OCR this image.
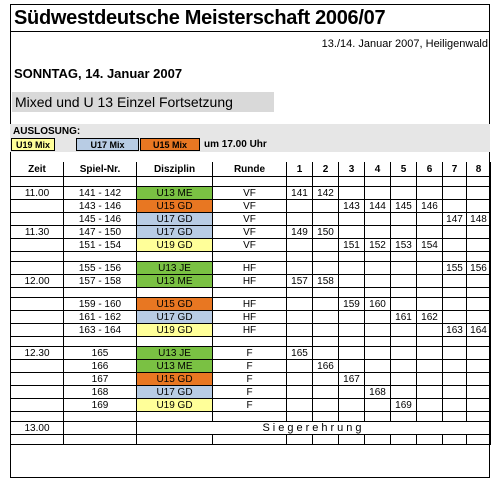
Südwestdeutsche Meisterschaft 2006/07
13./14. Januar 2007, Heiligenwald
SONNTAG, 14. Januar 2007
Mixed und U 13 Einzel Fortsetzung
AUSLOSUNG:
U19 Mix	U17 Mix	U15 Mix	um 17.00 Uhr
Zeit	Spiel-Nr.	Disziplin	Runde	1	2	3	4	5	6	7	8

11.00	141 - 142	U13 ME	VF	141	142						
	143 - 146	U15 GD	VF			143	144	145	146		
	145 - 146	U17 GD	VF							147	148
11.30	147 - 150	U17 GD	VF	149	150						
	151 - 154	U19 GD	VF			151	152	153	154		

	155 - 156	U13 JE	HF							155	156
12.00	157 - 158	U13 ME	HF	157	158						

	159 - 160	U15 GD	HF			159	160				
	161 - 162	U17 GD	HF					161	162		
	163 - 164	U19 GD	HF							163	164

12.30	165	U13 JE	F	165							
	166	U13 ME	F		166						
	167	U15 GD	F			167					
	168	U17 GD	F				168				
	169	U19 GD	F					169			

13.00		Siegerehrung									
